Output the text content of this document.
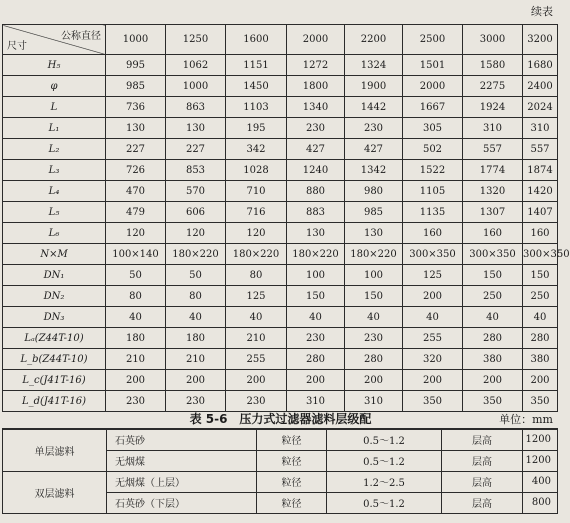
续表
公称直径
尺寸	1000	1250	1600	2000	2200	2500	3000	3200
H₅	995	1062	1151	1272	1324	1501	1580	1680
φ	985	1000	1450	1800	1900	2000	2275	2400
L	736	863	1103	1340	1442	1667	1924	2024
L₁	130	130	195	230	230	305	310	310
L₂	227	227	342	427	427	502	557	557
L₃	726	853	1028	1240	1342	1522	1774	1874
L₄	470	570	710	880	980	1105	1320	1420
L₅	479	606	716	883	985	1135	1307	1407
L₆	120	120	120	130	130	160	160	160
N×M	100×140	180×220	180×220	180×220	180×220	300×350	300×350	300×350
DN₁	50	50	80	100	100	125	150	150
DN₂	80	80	125	150	150	200	250	250
DN₃	40	40	40	40	40	40	40	40
Lₐ(Z44T-10)	180	180	210	230	230	255	280	280
L_b(Z44T-10)	210	210	255	280	280	320	380	380
L_c(J41T-16)	200	200	200	200	200	200	200	200
L_d(J41T-16)	230	230	230	310	310	350	350	350
表 5-6　压力式过滤器滤料层级配	单位：mm
单层滤料	石英砂	粒径	0.5～1.2	层高	1200
	无烟煤	粒径	0.5～1.2	层高	1200
双层滤料	无烟煤（上层）	粒径	1.2～2.5	层高	400
	石英砂（下层）	粒径	0.5～1.2	层高	800
